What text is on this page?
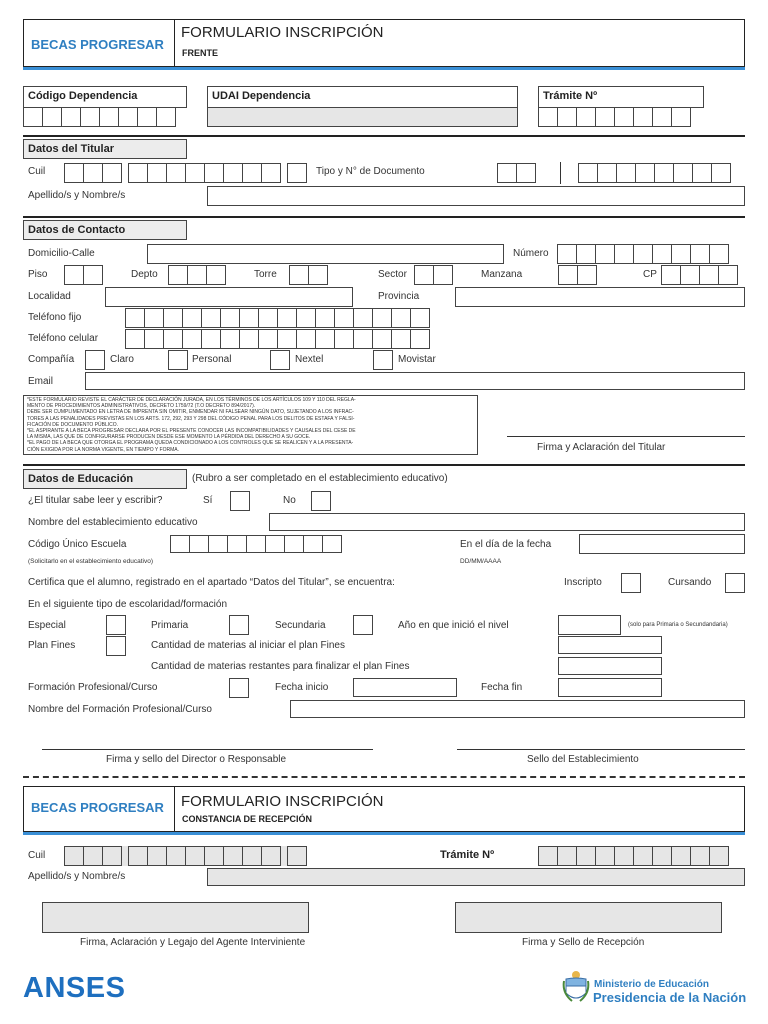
BECAS PROGRESAR
FORMULARIO INSCRIPCIÓN
FRENTE
Código Dependencia	UDAI Dependencia	Trámite Nº
Datos del Titular
Cuil	Tipo y N° de Documento
Apellido/s y Nombre/s
Datos de Contacto
Domicilio-Calle	Número
Piso	Depto	Torre	Sector	Manzana	CP
Localidad	Provincia
Teléfono fijo
Teléfono celular
Compañía	Claro	Personal	Nextel	Movistar
Email
*ESTE FORMULARIO REVISTE EL CARÁCTER DE DECLARACIÓN JURADA, EN LOS TÉRMINOS DE LOS ARTÍCULOS 109 Y 110 DEL REGLA-
MENTO DE PROCEDIMIENTOS ADMINISTRATIVOS, DECRETO 1759/72 (T.O DECRETO 894/2017).
DEBE SER CUMPLIMENTADO EN LETRA DE IMPRENTA SIN OMITIR, ENMENDAR NI FALSEAR NINGÚN DATO, SUJETANDO A LOS INFRAC-
TORES A LAS PENALIDADES PREVISTAS EN LOS ARTS. 172, 292, 293 Y 298 DEL CÓDIGO PENAL PARA LOS DELITOS DE ESTAFA Y FALSI-
FICACIÓN DE DOCUMENTO PÚBLICO.
*EL ASPIRANTE A LA BECA PROGRESAR DECLARA POR EL PRESENTE CONOCER LAS INCOMPATIBILIDADES Y CAUSALES DEL CESE DE
LA MISMA, LAS QUE DE CONFIGURARSE PRODUCEN DESDE ESE MOMENTO LA PÉRDIDA DEL DERECHO A SU GOCE.
*EL PAGO DE LA BECA QUE OTORGA EL PROGRAMA QUEDA CONDICIONADO A LOS CONTROLES QUE SE REALICEN Y A LA PRESENTA-
CIÓN EXIGIDA POR LA NORMA VIGENTE, EN TIEMPO Y FORMA.	Firma y Aclaración del Titular
Datos de Educación	(Rubro a ser completado en el establecimiento educativo)
¿El titular sabe leer y escribir?	Sí	No
Nombre del establecimiento educativo
Código Único Escuela
(Solicitarlo en el establecimiento educativo)
En el día de la fecha
DD/MM/AAAA
Certifica que el alumno, registrado en el apartado “Datos del Titular”, se encuentra:	Inscripto	Cursando
En el siguiente tipo de escolaridad/formación
Especial	Primaria	Secundaria	Año en que inició el nivel	(solo para Primaria o Secundandaria)
Plan Fines	Cantidad de materias al iniciar el plan Fines
Cantidad de materias restantes para finalizar el plan Fines
Formación Profesional/Curso	Fecha inicio	Fecha fin
Nombre del Formación Profesional/Curso
Firma y sello del Director o Responsable	Sello del Establecimiento
BECAS PROGRESAR FORMULARIO INSCRIPCIÓN
CONSTANCIA DE RECEPCIÓN
Cuil	Trámite Nº
Apellido/s y Nombre/s
Firma, Aclaración y Legajo del Agente Interviniente	Firma y Sello de Recepción
ANSES	Ministerio de Educación
Presidencia de la Nación
